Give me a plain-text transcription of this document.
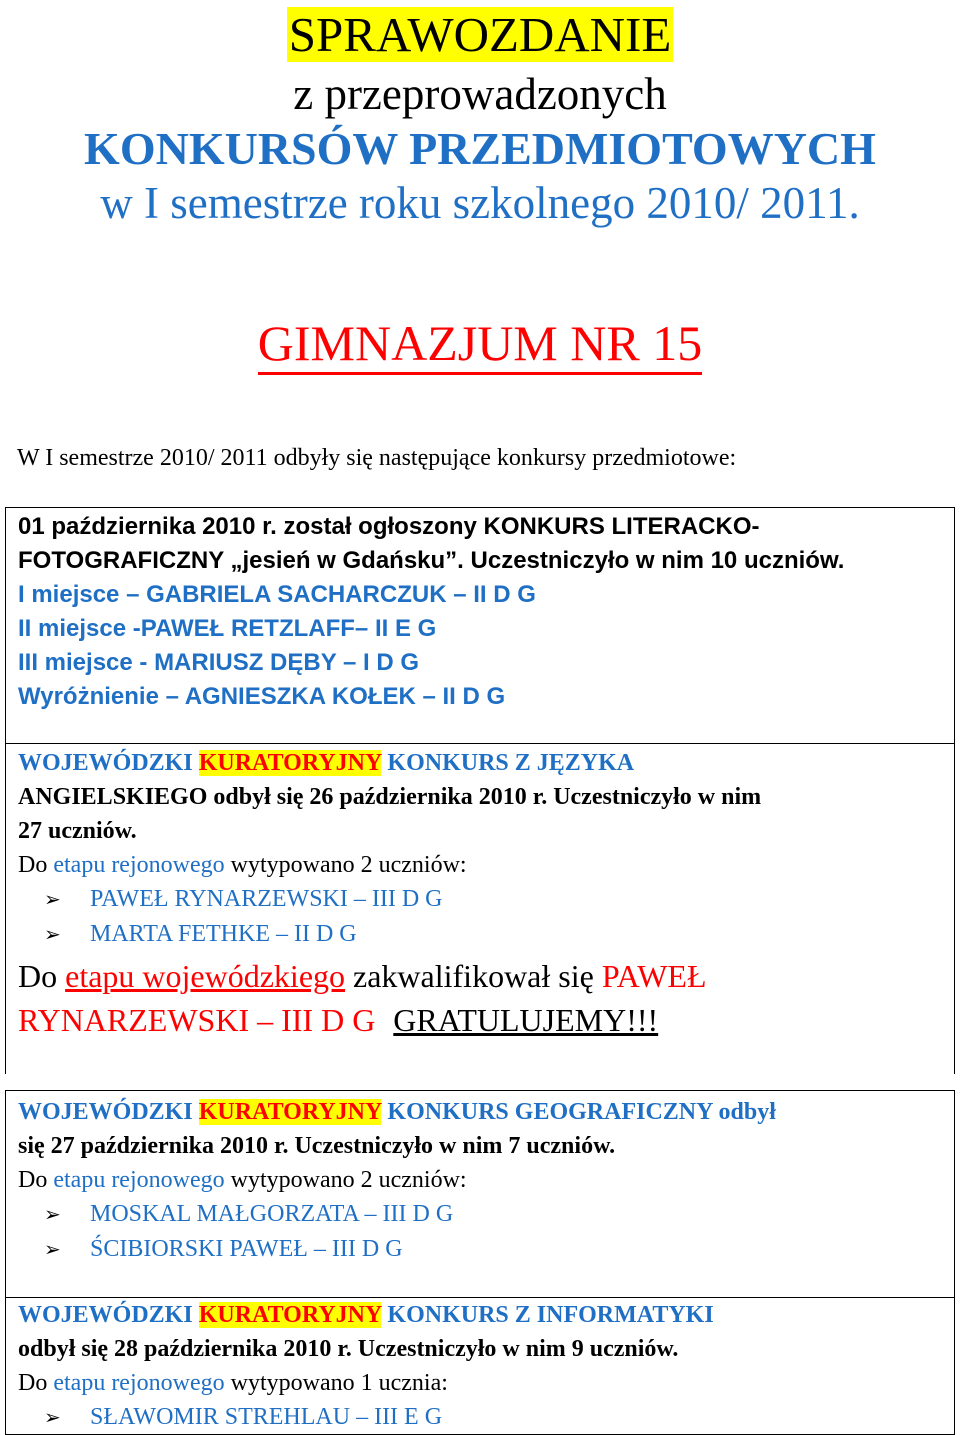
SPRAWOZDANIE
z przeprowadzonych
KONKURSÓW PRZEDMIOTOWYCH
w I semestrze roku szkolnego 2010/ 2011.
GIMNAZJUM NR 15
W I semestrze 2010/ 2011 odbyły się następujące konkursy przedmiotowe:
01 października 2010 r. został ogłoszony KONKURS LITERACKO-
FOTOGRAFICZNY „jesień w Gdańsku”. Uczestniczyło w nim 10 uczniów.
I miejsce – GABRIELA SACHARCZUK – II D G
II miejsce -PAWEŁ RETZLAFF– II E G
III miejsce - MARIUSZ DĘBY – I D G
Wyróżnienie – AGNIESZKA KOŁEK – II D G
WOJEWÓDZKI KURATORYJNY KONKURS Z JĘZYKA
ANGIELSKIEGO odbył się 26 października 2010 r. Uczestniczyło w nim
27 uczniów.
Do etapu rejonowego wytypowano 2 uczniów:
➢ PAWEŁ RYNARZEWSKI – III D G
➢ MARTA FETHKE – II D G
Do etapu wojewódzkiego zakwalifikował się PAWEŁ
RYNARZEWSKI – III D G GRATULUJEMY!!!
WOJEWÓDZKI KURATORYJNY KONKURS GEOGRAFICZNY odbył
się 27 października 2010 r. Uczestniczyło w nim 7 uczniów.
Do etapu rejonowego wytypowano 2 uczniów:
➢ MOSKAL MAŁGORZATA – III D G
➢ ŚCIBIORSKI PAWEŁ – III D G
WOJEWÓDZKI KURATORYJNY KONKURS Z INFORMATYKI
odbył się 28 października 2010 r. Uczestniczyło w nim 9 uczniów.
Do etapu rejonowego wytypowano 1 ucznia:
➢ SŁAWOMIR STREHLAU – III E G
